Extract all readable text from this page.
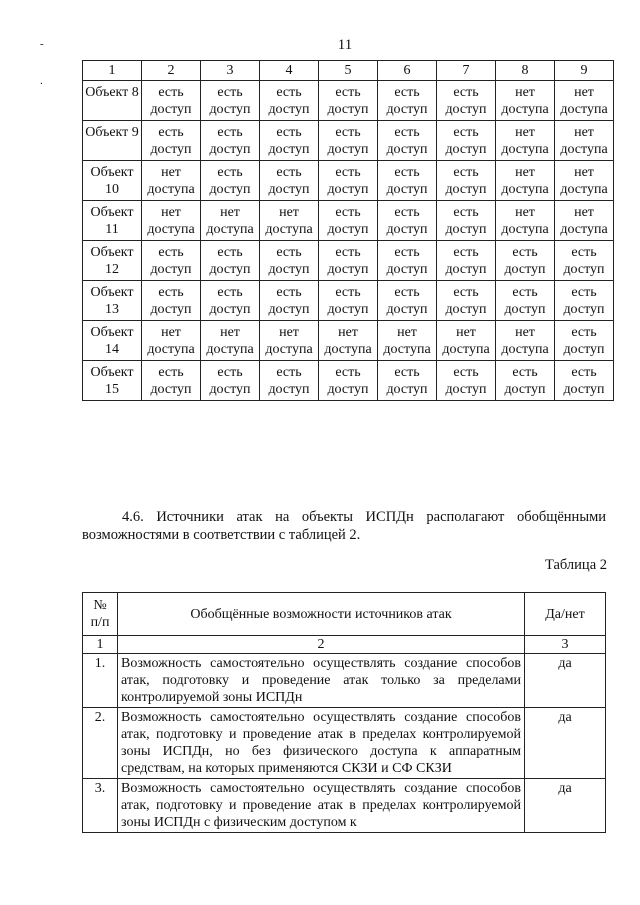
11
-
.
1	2	3	4	5	6	7	8	9
Объект 8	есть доступ	есть доступ	есть доступ	есть доступ	есть доступ	есть доступ	нет доступа	нет доступа
Объект 9	есть доступ	есть доступ	есть доступ	есть доступ	есть доступ	есть доступ	нет доступа	нет доступа
Объект 10	нет доступа	есть доступ	есть доступ	есть доступ	есть доступ	есть доступ	нет доступа	нет доступа
Объект 11	нет доступа	нет доступа	нет доступа	есть доступ	есть доступ	есть доступ	нет доступа	нет доступа
Объект 12	есть доступ	есть доступ	есть доступ	есть доступ	есть доступ	есть доступ	есть доступ	есть доступ
Объект 13	есть доступ	есть доступ	есть доступ	есть доступ	есть доступ	есть доступ	есть доступ	есть доступ
Объект 14	нет доступа	нет доступа	нет доступа	нет доступа	нет доступа	нет доступа	нет доступа	есть доступ
Объект 15	есть доступ	есть доступ	есть доступ	есть доступ	есть доступ	есть доступ	есть доступ	есть доступ
4.6. Источники атак на объекты ИСПДн располагают обобщёнными возможностями в соответствии с таблицей 2.
Таблица 2
№ п/п	Обобщённые возможности источников атак	Да/нет
1	2	3
1.	Возможность самостоятельно осуществлять создание способов атак, подготовку и проведение атак только за пределами контролируемой зоны ИСПДн	да
2.	Возможность самостоятельно осуществлять создание способов атак, подготовку и проведение атак в пределах контролируемой зоны ИСПДн, но без физического доступа к аппаратным средствам, на которых применяются СКЗИ и СФ СКЗИ	да
3.	Возможность самостоятельно осуществлять создание способов атак, подготовку и проведение атак в пределах контролируемой зоны ИСПДн с физическим доступом к	да
